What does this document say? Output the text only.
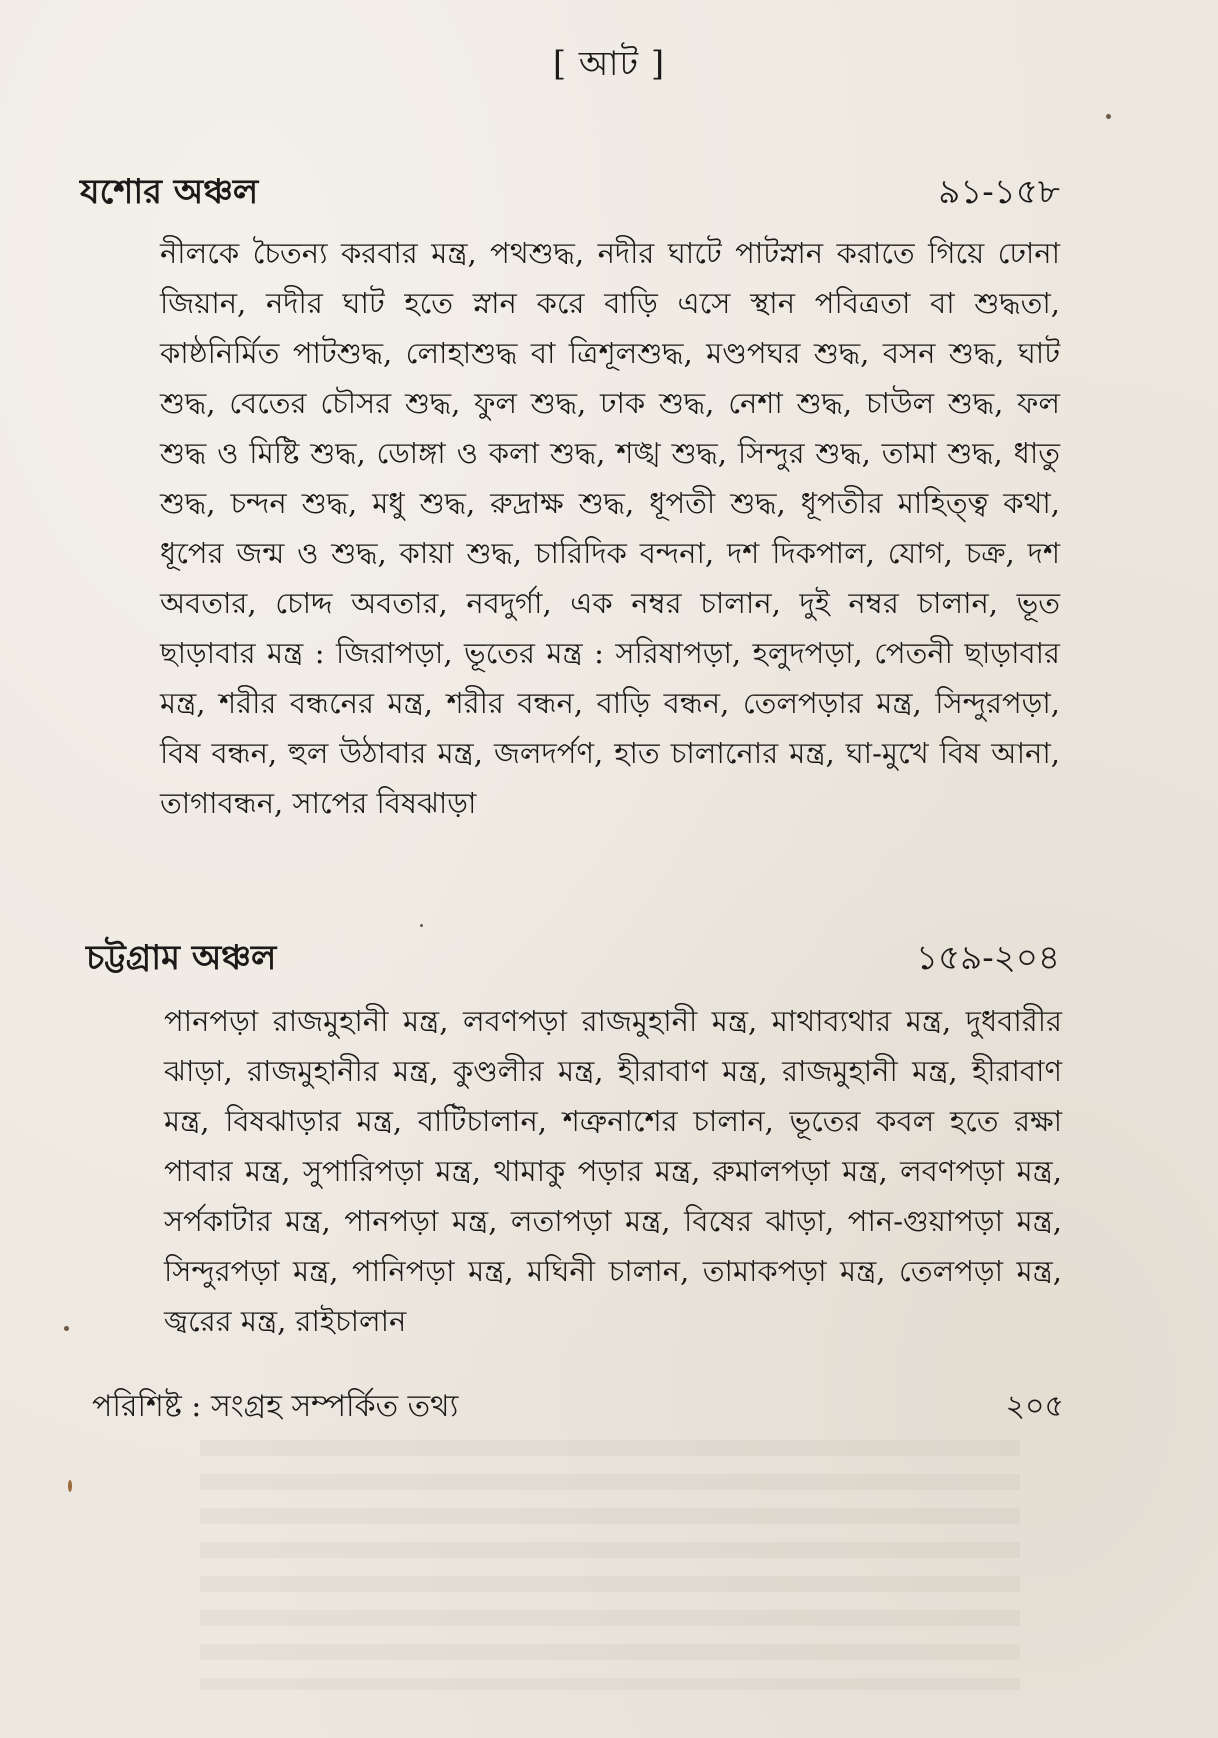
[ আট ]
যশোর অঞ্চল	৯১-১৫৮
নীলকে চৈতন্য করবার মন্ত্র, পথশুদ্ধ, নদীর ঘাটে পাটস্নান করাতে গিয়ে ঢোনা জিয়ান, নদীর ঘাট হতে স্নান করে বাড়ি এসে স্থান পবিত্রতা বা শুদ্ধতা, কাষ্ঠনির্মিত পাটশুদ্ধ, লোহাশুদ্ধ বা ত্রিশূলশুদ্ধ, মণ্ডপঘর শুদ্ধ, বসন শুদ্ধ, ঘাট শুদ্ধ, বেতের চৌসর শুদ্ধ, ফুল শুদ্ধ, ঢাক শুদ্ধ, নেশা শুদ্ধ, চাউল শুদ্ধ, ফল শুদ্ধ ও মিষ্টি শুদ্ধ, ডোঙ্গা ও কলা শুদ্ধ, শঙ্খ শুদ্ধ, সিন্দুর শুদ্ধ, তামা শুদ্ধ, ধাতু শুদ্ধ, চন্দন শুদ্ধ, মধু শুদ্ধ, রুদ্রাক্ষ শুদ্ধ, ধূপতী শুদ্ধ, ধূপতীর মাহিত্ত্ব কথা, ধূপের জন্ম ও শুদ্ধ, কায়া শুদ্ধ, চারিদিক বন্দনা, দশ দিকপাল, যোগ, চক্র, দশ অবতার, চোদ্দ অবতার, নবদুর্গা, এক নম্বর চালান, দুই নম্বর চালান, ভূত ছাড়াবার মন্ত্র : জিরাপড়া, ভূতের মন্ত্র : সরিষাপড়া, হলুদপড়া, পেতনী ছাড়াবার মন্ত্র, শরীর বন্ধনের মন্ত্র, শরীর বন্ধন, বাড়ি বন্ধন, তেলপড়ার মন্ত্র, সিন্দুরপড়া, বিষ বন্ধন, হুল উঠাবার মন্ত্র, জলদর্পণ, হাত চালানোর মন্ত্র, ঘা-মুখে বিষ আনা, তাগাবন্ধন, সাপের বিষঝাড়া
চট্টগ্রাম অঞ্চল	১৫৯-২০৪
পানপড়া রাজমুহানী মন্ত্র, লবণপড়া রাজমুহানী মন্ত্র, মাথাব্যথার মন্ত্র, দুধবারীর ঝাড়া, রাজমুহানীর মন্ত্র, কুণ্ডলীর মন্ত্র, হীরাবাণ মন্ত্র, রাজমুহানী মন্ত্র, হীরাবাণ মন্ত্র, বিষঝাড়ার মন্ত্র, বাটিচালান, শত্রুনাশের চালান, ভূতের কবল হতে রক্ষা পাবার মন্ত্র, সুপারিপড়া মন্ত্র, থামাকু পড়ার মন্ত্র, রুমালপড়া মন্ত্র, লবণপড়া মন্ত্র, সর্পকাটার মন্ত্র, পানপড়া মন্ত্র, লতাপড়া মন্ত্র, বিষের ঝাড়া, পান-গুয়াপড়া মন্ত্র, সিন্দুরপড়া মন্ত্র, পানিপড়া মন্ত্র, মঘিনী চালান, তামাকপড়া মন্ত্র, তেলপড়া মন্ত্র, জ্বরের মন্ত্র, রাইচালান
পরিশিষ্ট : সংগ্রহ সম্পর্কিত তথ্য	২০৫
